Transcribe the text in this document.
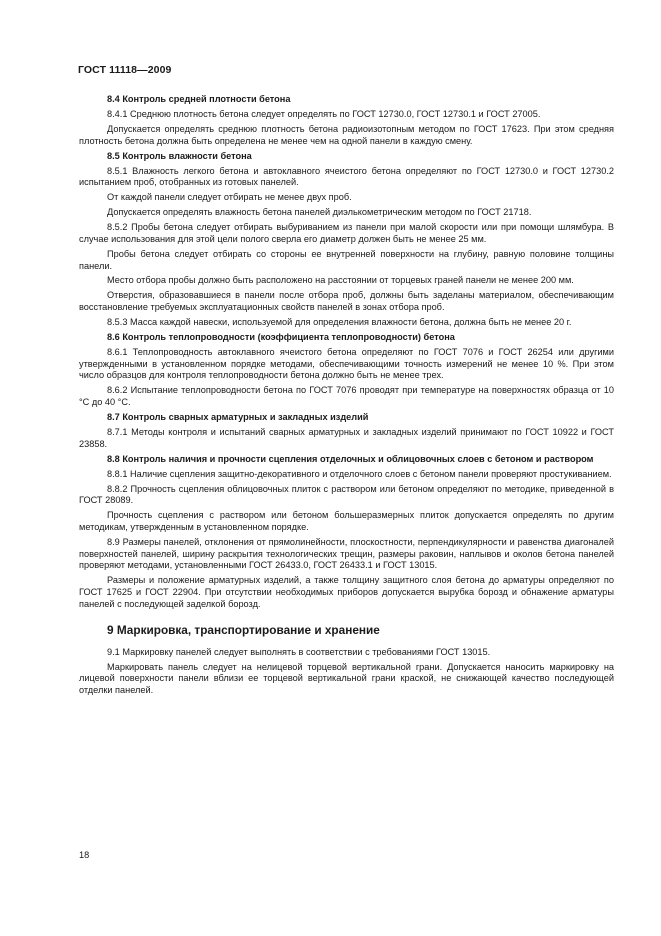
ГОСТ 11118—2009

8.4 Контроль средней плотности бетона

8.4.1 Среднюю плотность бетона следует определять по ГОСТ 12730.0, ГОСТ 12730.1 и ГОСТ 27005.

Допускается определять среднюю плотность бетона радиоизотопным методом по ГОСТ 17623. При этом средняя плотность бетона должна быть определена не менее чем на одной панели в каждую смену.

8.5 Контроль влажности бетона

8.5.1 Влажность легкого бетона и автоклавного ячеистого бетона определяют по ГОСТ 12730.0 и ГОСТ 12730.2 испытанием проб, отобранных из готовых панелей.

От каждой панели следует отбирать не менее двух проб.

Допускается определять влажность бетона панелей диэлькометрическим методом по ГОСТ 21718.

8.5.2 Пробы бетона следует отбирать выбуриванием из панели при малой скорости или при помощи шлямбура. В случае использования для этой цели полого сверла его диаметр должен быть не менее 25 мм.

Пробы бетона следует отбирать со стороны ее внутренней поверхности на глубину, равную половине толщины панели.

Место отбора пробы должно быть расположено на расстоянии от торцевых граней панели не менее 200 мм.

Отверстия, образовавшиеся в панели после отбора проб, должны быть заделаны материалом, обеспечивающим восстановление требуемых эксплуатационных свойств панелей в зонах отбора проб.

8.5.3 Масса каждой навески, используемой для определения влажности бетона, должна быть не менее 20 г.

8.6 Контроль теплопроводности (коэффициента теплопроводности) бетона

8.6.1 Теплопроводность автоклавного ячеистого бетона определяют по ГОСТ 7076 и ГОСТ 26254 или другими утвержденными в установленном порядке методами, обеспечивающими точность измерений не менее 10 %. При этом число образцов для контроля теплопроводности бетона должно быть не менее трех.

8.6.2 Испытание теплопроводности бетона по ГОСТ 7076 проводят при температуре на поверхностях образца от 10 °С до 40 °С.

8.7 Контроль сварных арматурных и закладных изделий

8.7.1 Методы контроля и испытаний сварных арматурных и закладных изделий принимают по ГОСТ 10922 и ГОСТ 23858.

8.8 Контроль наличия и прочности сцепления отделочных и облицовочных слоев с бетоном и раствором

8.8.1 Наличие сцепления защитно-декоративного и отделочного слоев с бетоном панели проверяют простукиванием.

8.8.2 Прочность сцепления облицовочных плиток с раствором или бетоном определяют по методике, приведенной в ГОСТ 28089.

Прочность сцепления с раствором или бетоном большеразмерных плиток допускается определять по другим методикам, утвержденным в установленном порядке.

8.9 Размеры панелей, отклонения от прямолинейности, плоскостности, перпендикулярности и равенства диагоналей поверхностей панелей, ширину раскрытия технологических трещин, размеры раковин, наплывов и околов бетона панелей проверяют методами, установленными ГОСТ 26433.0, ГОСТ 26433.1 и ГОСТ 13015.

Размеры и положение арматурных изделий, а также толщину защитного слоя бетона до арматуры определяют по ГОСТ 17625 и ГОСТ 22904. При отсутствии необходимых приборов допускается вырубка борозд и обнажение арматуры панелей с последующей заделкой борозд.

9 Маркировка, транспортирование и хранение

9.1 Маркировку панелей следует выполнять в соответствии с требованиями ГОСТ 13015.

Маркировать панель следует на нелицевой торцевой вертикальной грани. Допускается наносить маркировку на лицевой поверхности панели вблизи ее торцевой вертикальной грани краской, не снижающей качество последующей отделки панелей.

18
